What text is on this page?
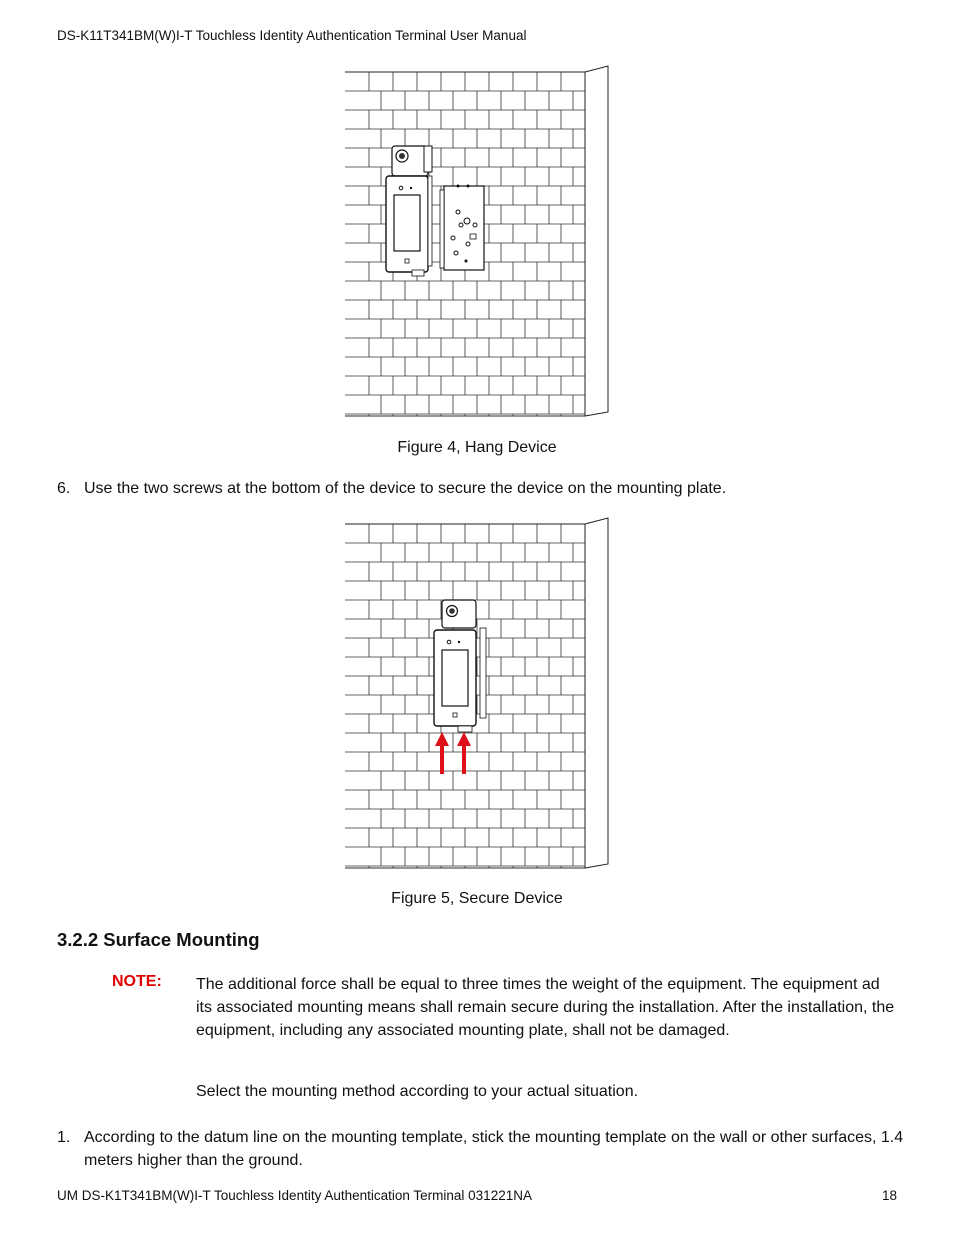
DS-K11T341BM(W)I-T Touchless Identity Authentication Terminal User Manual
Figure 4, Hang Device
6. Use the two screws at the bottom of the device to secure the device on the mounting plate.
Figure 5, Secure Device
3.2.2 Surface Mounting
NOTE: The additional force shall be equal to three times the weight of the equipment. The equipment ad its associated mounting means shall remain secure during the installation. After the installation, the equipment, including any associated mounting plate, shall not be damaged.
Select the mounting method according to your actual situation.
1. According to the datum line on the mounting template, stick the mounting template on the wall or other surfaces, 1.4 meters higher than the ground.
UM DS-K1T341BM(W)I-T Touchless Identity Authentication Terminal 031221NA	18
